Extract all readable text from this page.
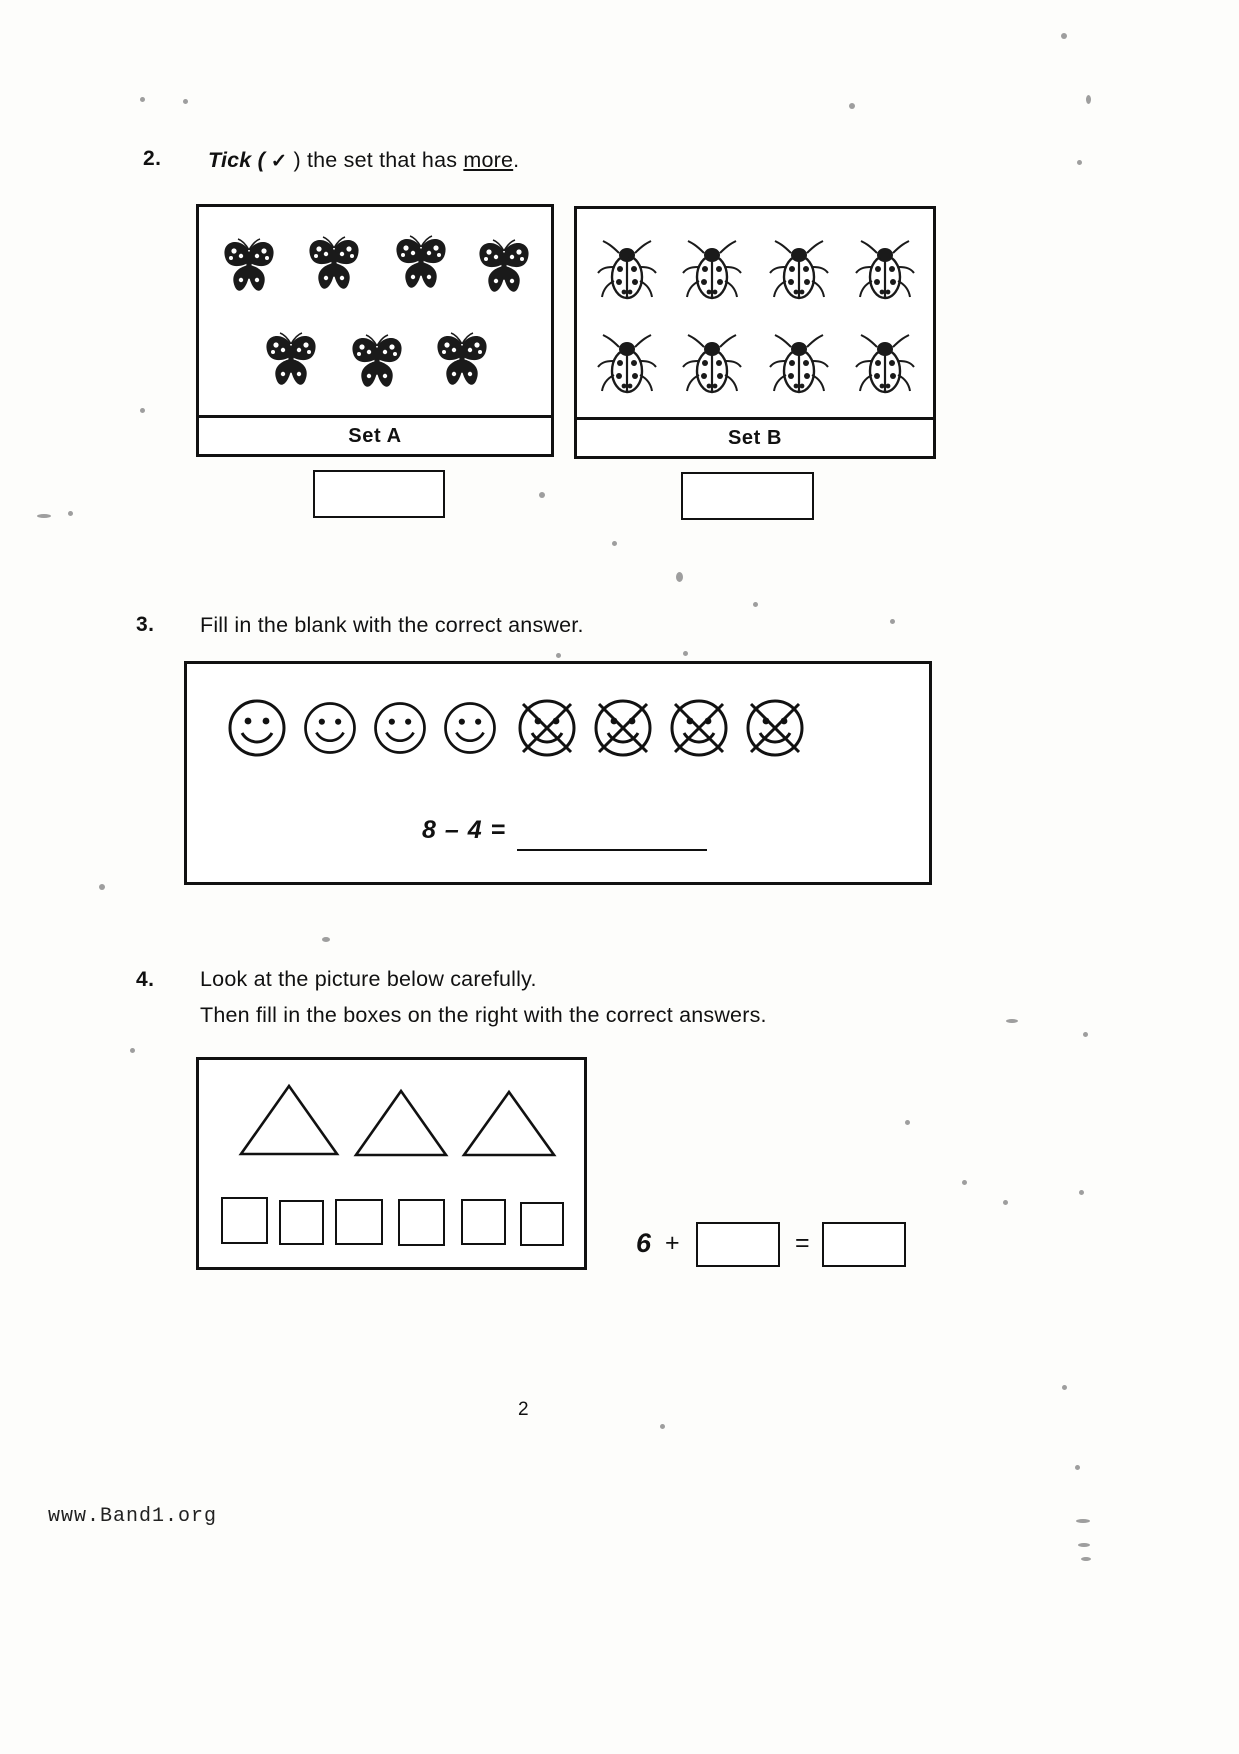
2. Tick ( ✓ ) the set that has more.
Set A	Set B
3. Fill in the blank with the correct answer.
8 – 4 =
4. Look at the picture below carefully.
Then fill in the boxes on the right with the correct answers.
6 +	=
2
www.Band1.org
